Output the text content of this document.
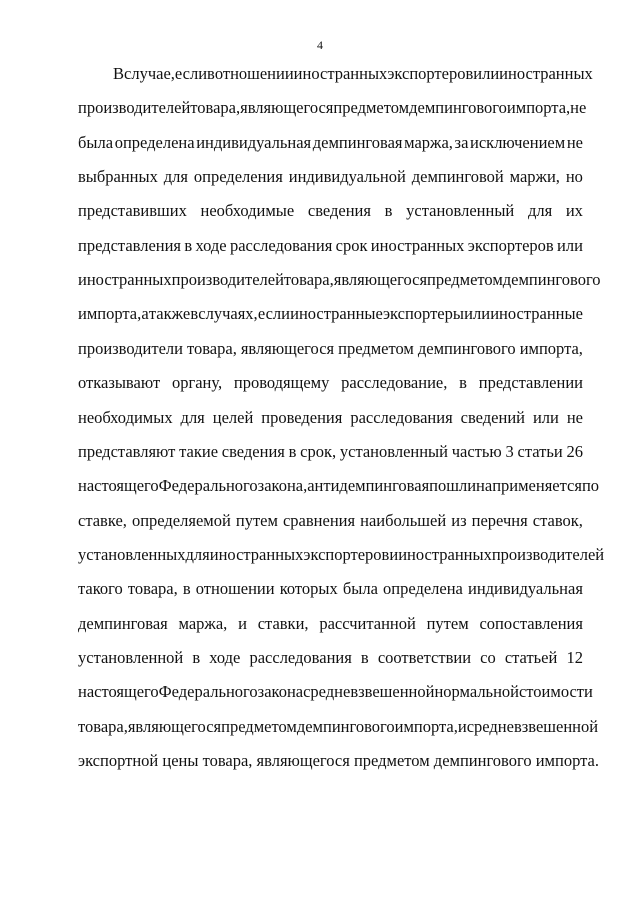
4
В случае, если в отношении иностранных экспортеров или иностранных
производителей товара, являющегося предметом демпингового импорта, не
была определена индивидуальная демпинговая маржа, за исключением не
выбранных для определения индивидуальной демпинговой маржи, но
представивших необходимые сведения в установленный для их
представления в ходе расследования срок иностранных экспортеров или
иностранных производителей товара, являющегося предметом демпингового
импорта, а также в случаях, если иностранные экспортеры или иностранные
производители товара, являющегося предметом демпингового импорта,
отказывают органу, проводящему расследование, в представлении
необходимых для целей проведения расследования сведений или не
представляют такие сведения в срок, установленный частью 3 статьи 26
настоящего Федерального закона, антидемпинговая пошлина применяется по
ставке, определяемой путем сравнения наибольшей из перечня ставок,
установленных для иностранных экспортеров и иностранных производителей
такого товара, в отношении которых была определена индивидуальная
демпинговая маржа, и ставки, рассчитанной путем сопоставления
установленной в ходе расследования в соответствии со статьей 12
настоящего Федерального закона средневзвешенной нормальной стоимости
товара, являющегося предметом демпингового импорта, и средневзвешенной
экспортной цены товара, являющегося предметом демпингового импорта.
